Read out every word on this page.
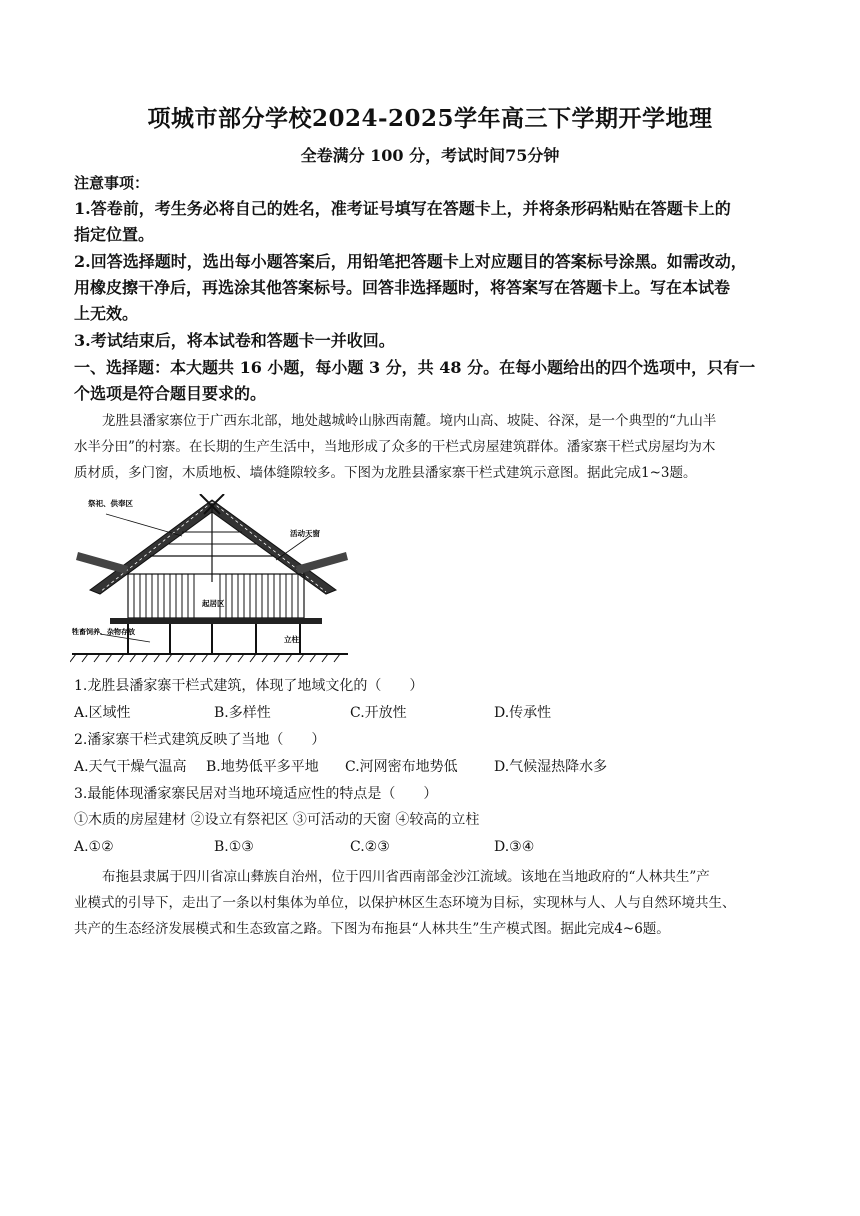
项城市部分学校2024-2025学年高三下学期开学地理
全卷满分 100 分，考试时间75分钟
注意事项：
1.答卷前，考生务必将自己的姓名，准考证号填写在答题卡上，并将条形码粘贴在答题卡上的
指定位置。
2.回答选择题时，选出每小题答案后，用铅笔把答题卡上对应题目的答案标号涂黑。如需改动，
用橡皮擦干净后，再选涂其他答案标号。回答非选择题时，将答案写在答题卡上。写在本试卷
上无效。
3.考试结束后，将本试卷和答题卡一并收回。
一、选择题：本大题共 16 小题，每小题 3 分，共 48 分。在每小题给出的四个选项中，只有一
个选项是符合题目要求的。
龙胜县潘家寨位于广西东北部，地处越城岭山脉西南麓。境内山高、坡陡、谷深，是一个典型的“九山半
水半分田”的村寨。在长期的生产生活中，当地形成了众多的干栏式房屋建筑群体。潘家寨干栏式房屋均为木
质材质，多门窗，木质地板、墙体缝隙较多。下图为龙胜县潘家寨干栏式建筑示意图。据此完成1~3题。
祭祀、供奉区
活动天窗
起居区
牲畜饲养、杂物存放
立柱
1.龙胜县潘家寨干栏式建筑，体现了地域文化的（　　）
A.区域性	B.多样性	C.开放性	D.传承性
2.潘家寨干栏式建筑反映了当地（　　）
A.天气干燥气温高 B.地势低平多平地 C.河网密布地势低	D.气候湿热降水多
3.最能体现潘家寨民居对当地环境适应性的特点是（　　）
①木质的房屋建材 ②设立有祭祀区 ③可活动的天窗 ④较高的立柱
A.①②	B.①③	C.②③	D.③④
布拖县隶属于四川省凉山彝族自治州，位于四川省西南部金沙江流域。该地在当地政府的“人林共生”产
业模式的引导下，走出了一条以村集体为单位，以保护林区生态环境为目标，实现林与人、人与自然环境共生、
共产的生态经济发展模式和生态致富之路。下图为布拖县“人林共生”生产模式图。据此完成4~6题。
